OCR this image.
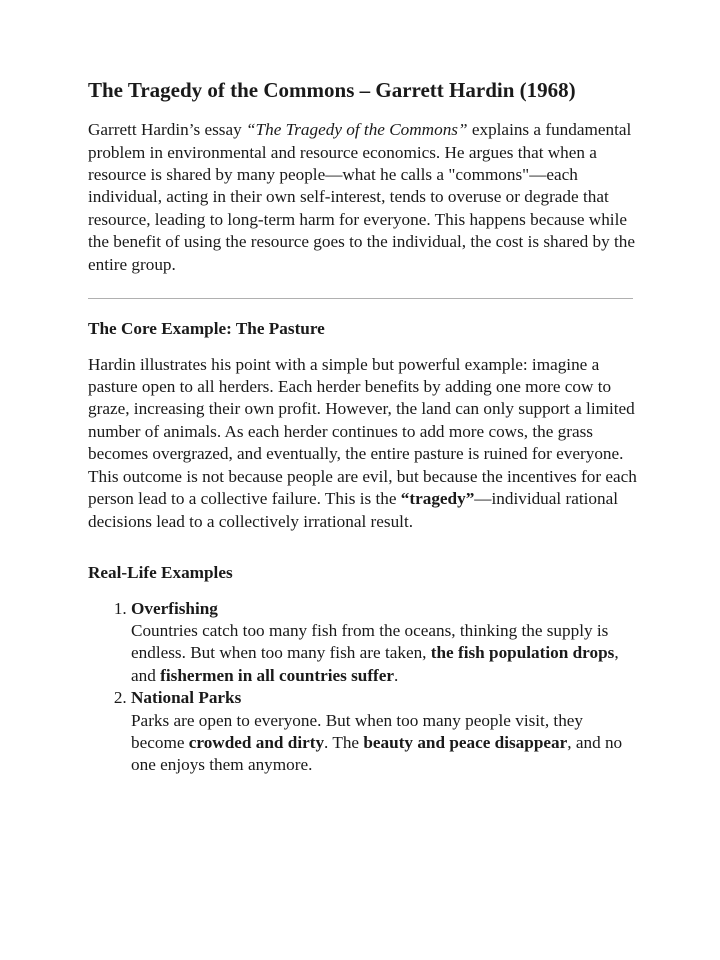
The Tragedy of the Commons – Garrett Hardin (1968)

Garrett Hardin’s essay “The Tragedy of the Commons” explains a fundamental problem in environmental and resource economics. He argues that when a resource is shared by many people—what he calls a "commons"—each individual, acting in their own self-interest, tends to overuse or degrade that resource, leading to long-term harm for everyone. This happens because while the benefit of using the resource goes to the individual, the cost is shared by the entire group.

The Core Example: The Pasture

Hardin illustrates his point with a simple but powerful example: imagine a pasture open to all herders. Each herder benefits by adding one more cow to graze, increasing their own profit. However, the land can only support a limited number of animals. As each herder continues to add more cows, the grass becomes overgrazed, and eventually, the entire pasture is ruined for everyone. This outcome is not because people are evil, but because the incentives for each person lead to a collective failure. This is the “tragedy”—individual rational decisions lead to a collectively irrational result.

Real-Life Examples
1. Overfishing
Countries catch too many fish from the oceans, thinking the supply is endless. But when too many fish are taken, the fish population drops, and fishermen in all countries suffer.
2. National Parks
Parks are open to everyone. But when too many people visit, they become crowded and dirty. The beauty and peace disappear, and no one enjoys them anymore.
